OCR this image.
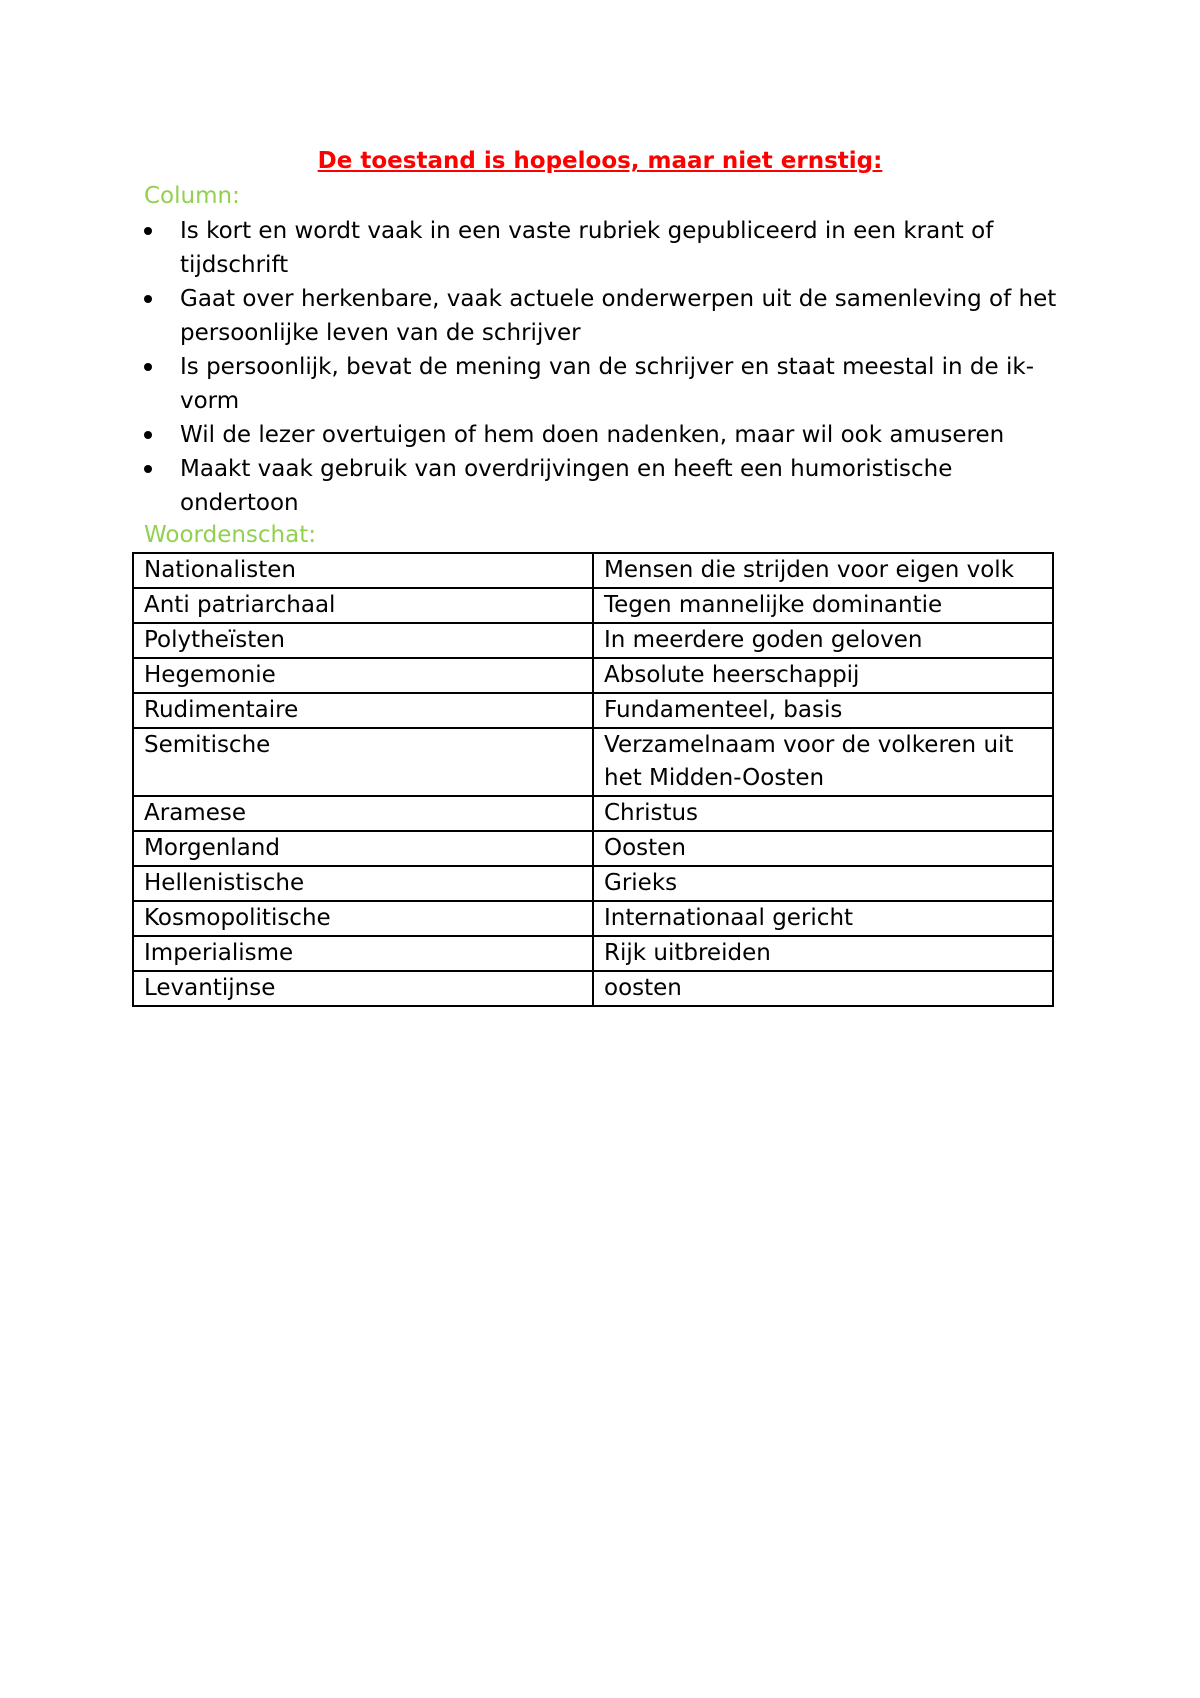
De toestand is hopeloos, maar niet ernstig:
Column:
Is kort en wordt vaak in een vaste rubriek gepubliceerd in een krant of tijdschrift
Gaat over herkenbare, vaak actuele onderwerpen uit de samenleving of het persoonlijke leven van de schrijver
Is persoonlijk, bevat de mening van de schrijver en staat meestal in de ik-vorm
Wil de lezer overtuigen of hem doen nadenken, maar wil ook amuseren
Maakt vaak gebruik van overdrijvingen en heeft een humoristische ondertoon
Woordenschat:
Nationalisten	Mensen die strijden voor eigen volk
Anti patriarchaal	Tegen mannelijke dominantie
Polytheïsten	In meerdere goden geloven
Hegemonie	Absolute heerschappij
Rudimentaire	Fundamenteel, basis
Semitische	Verzamelnaam voor de volkeren uit het Midden-Oosten
Aramese	Christus
Morgenland	Oosten
Hellenistische	Grieks
Kosmopolitische	Internationaal gericht
Imperialisme	Rijk uitbreiden
Levantijnse	oosten
